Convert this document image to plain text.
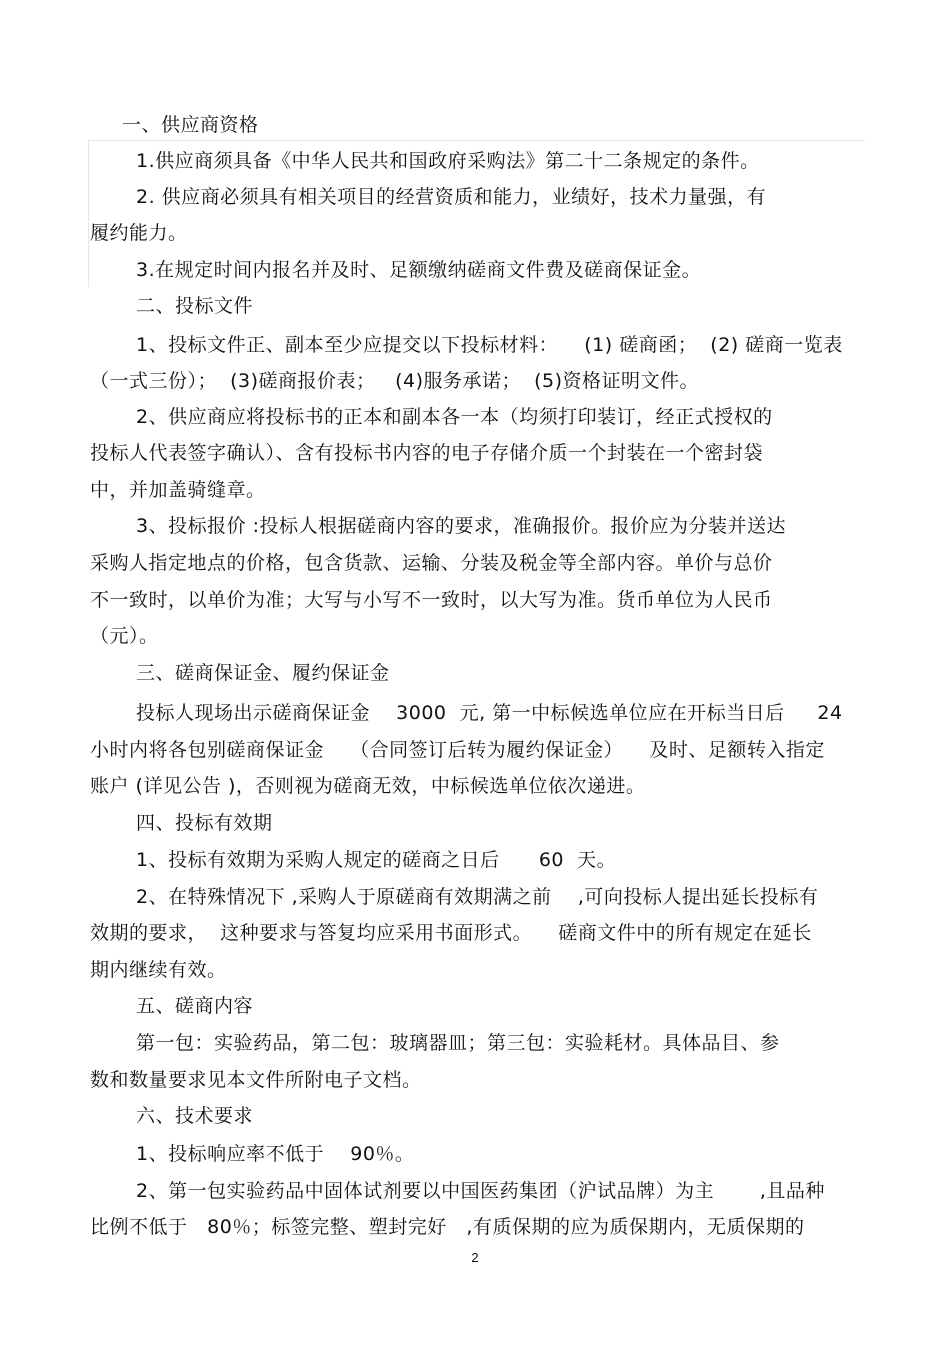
一、供应商资格
1.供应商须具备《中华人民共和国政府采购法》第二十二条规定的条件。
2. 供应商必须具有相关项目的经营资质和能力，业绩好，技术力量强，有
履约能力。
3.在规定时间内报名并及时、足额缴纳磋商文件费及磋商保证金。
二、投标文件
1、投标文件正、副本至少应提交以下投标材料：    (1) 磋商函；  (2) 磋商一览表
（一式三份）；  (3)磋商报价表；   (4)服务承诺；  (5)资格证明文件。
2、供应商应将投标书的正本和副本各一本（均须打印装订，经正式授权的
投标人代表签字确认）、含有投标书内容的电子存储介质一个封装在一个密封袋
中，并加盖骑缝章。
3、投标报价 :投标人根据磋商内容的要求，准确报价。报价应为分装并送达
采购人指定地点的价格，包含货款、运输、分装及税金等全部内容。单价与总价
不一致时，以单价为准；大写与小写不一致时，以大写为准。货币单位为人民币
（元）。
三、磋商保证金、履约保证金
投标人现场出示磋商保证金    3000  元, 第一中标候选单位应在开标当日后     24
小时内将各包别磋商保证金    （合同签订后转为履约保证金）    及时、足额转入指定
账户 (详见公告 )，否则视为磋商无效，中标候选单位依次递进。
四、投标有效期
1、投标有效期为采购人规定的磋商之日后      60  天。
2、在特殊情况下 ,采购人于原磋商有效期满之前    ,可向投标人提出延长投标有
效期的要求，  这种要求与答复均应采用书面形式。    磋商文件中的所有规定在延长
期内继续有效。
五、磋商内容
第一包：实验药品，第二包：玻璃器皿；第三包：实验耗材。具体品目、参
数和数量要求见本文件所附电子文档。
六、技术要求
1、投标响应率不低于    90％。
2、第一包实验药品中固体试剂要以中国医药集团（沪试品牌）为主       ,且品种
比例不低于   80％；标签完整、塑封完好   ,有质保期的应为质保期内，无质保期的
2
